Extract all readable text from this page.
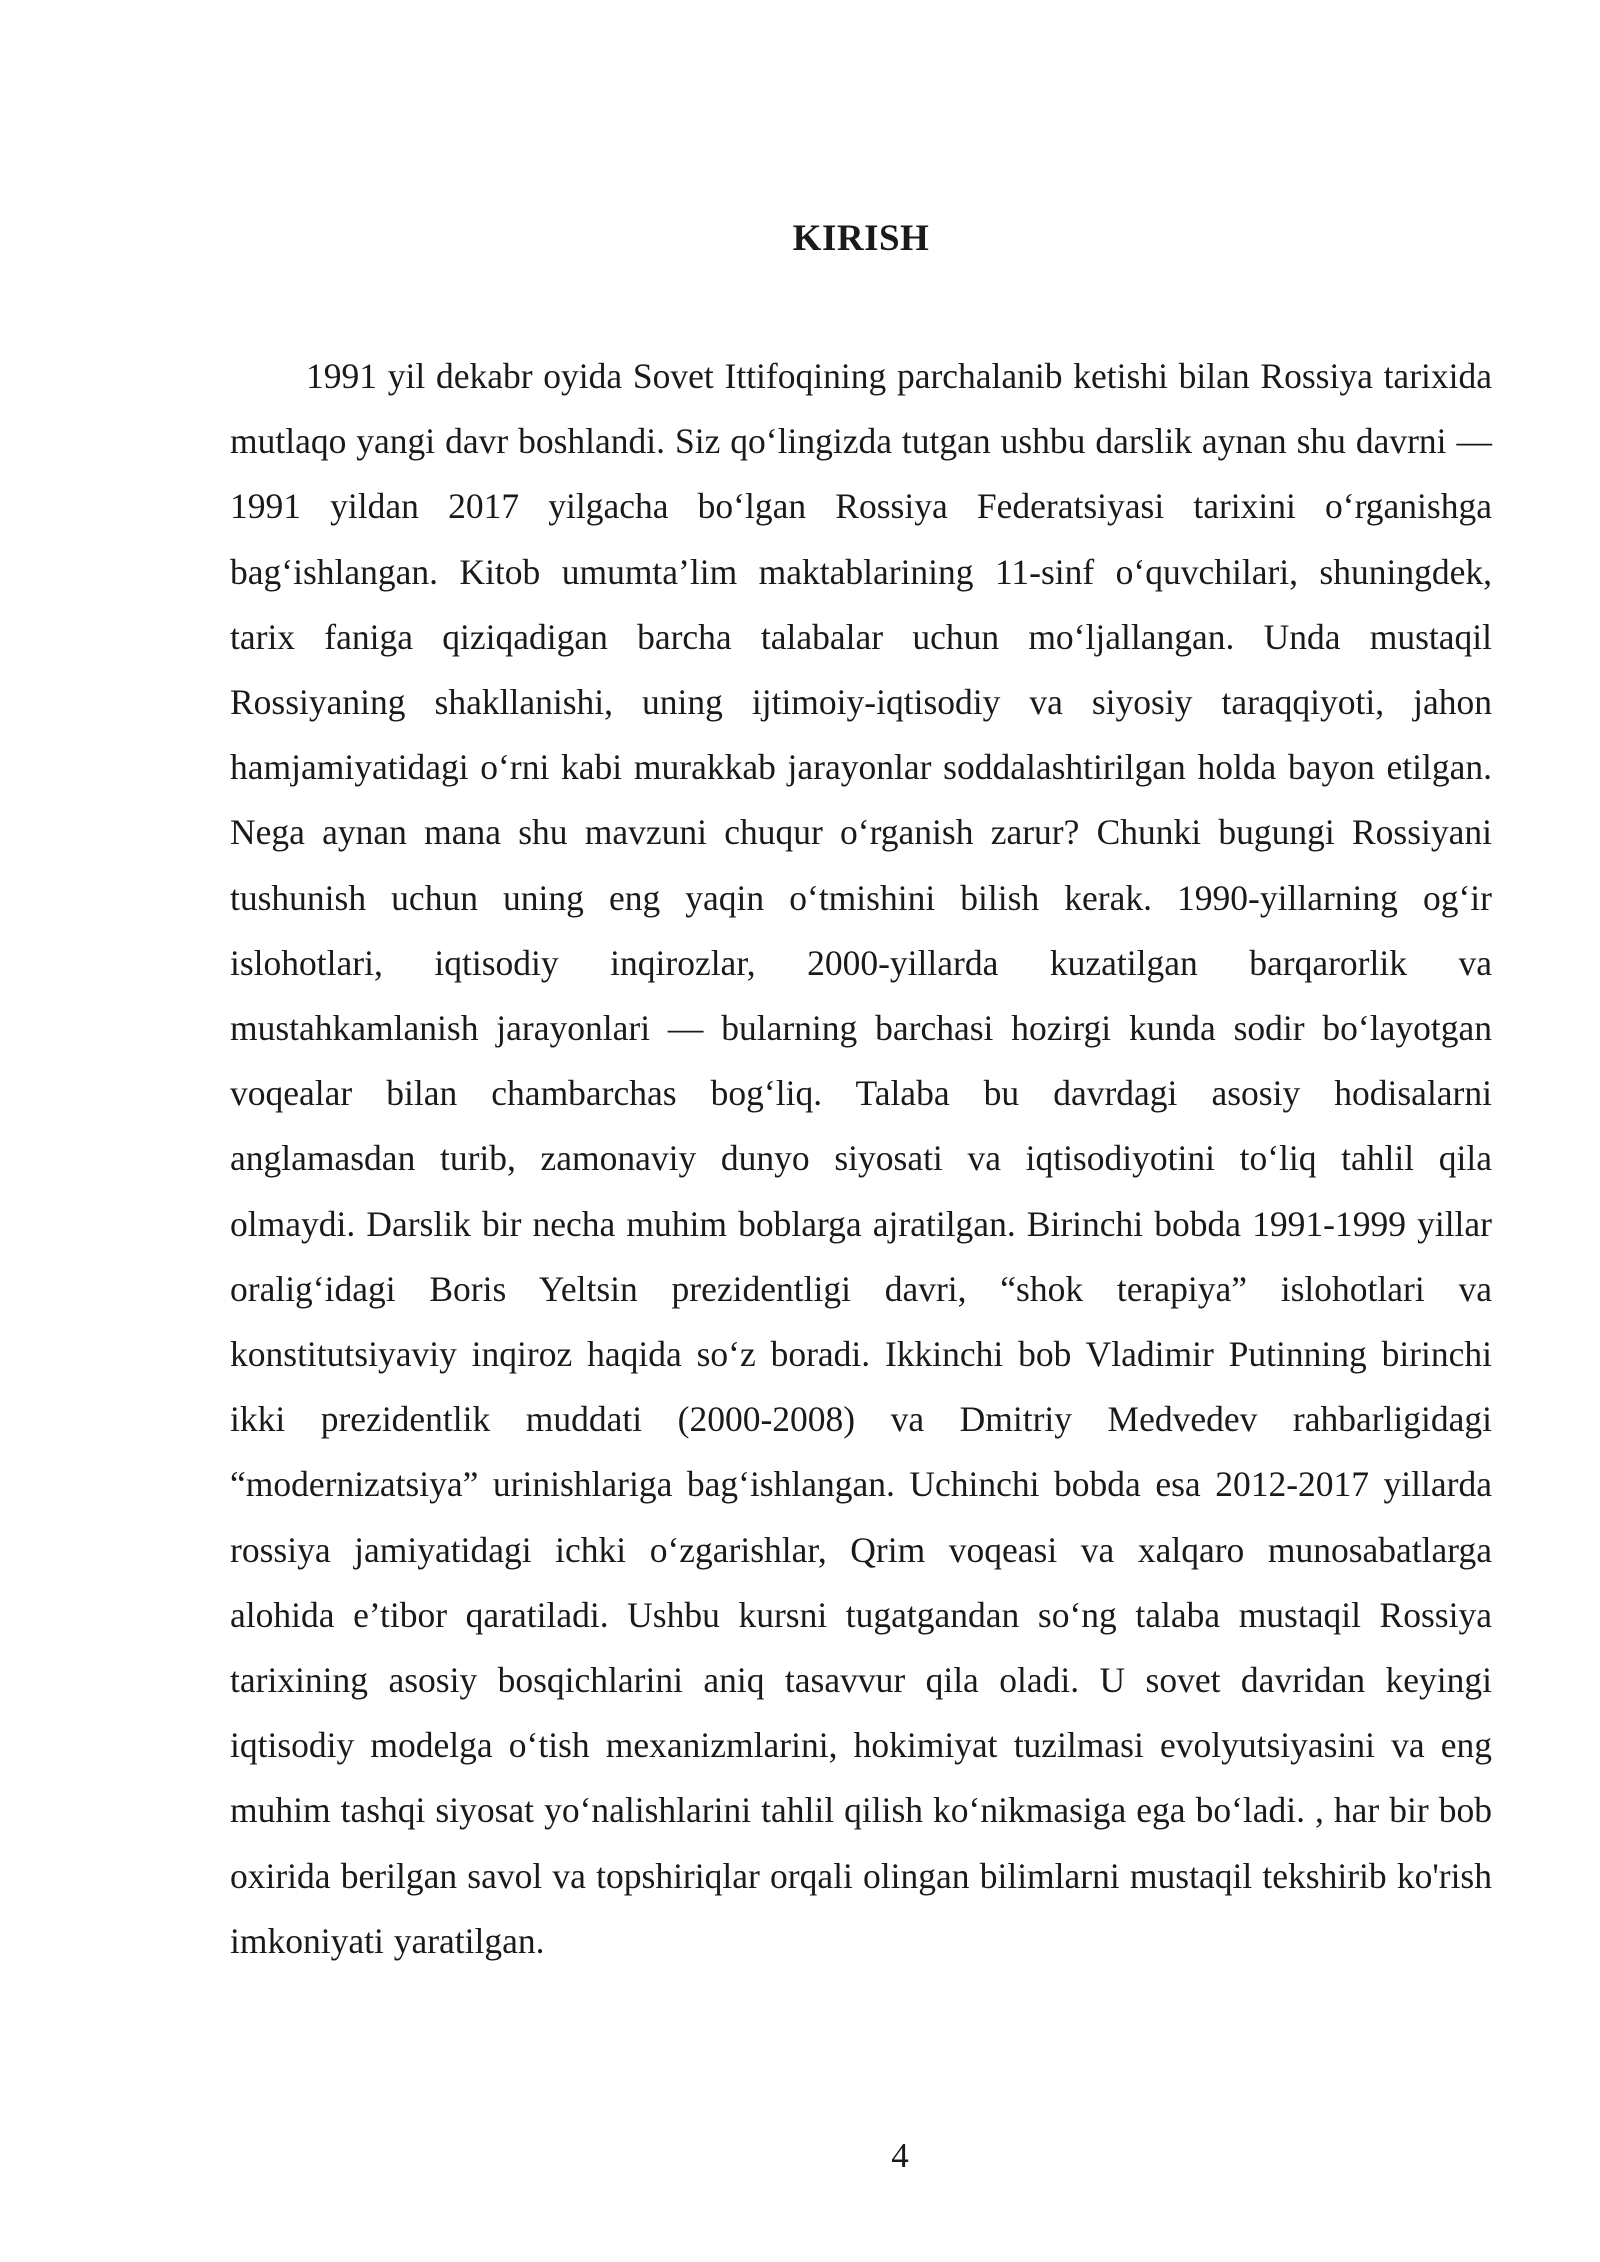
KIRISH

1991 yil dekabr oyida Sovet Ittifoqining parchalanib ketishi bilan Rossiya tarixida mutlaqo yangi davr boshlandi. Siz qo‘lingizda tutgan ushbu darslik aynan shu davrni — 1991 yildan 2017 yilgacha bo‘lgan Rossiya Federatsiyasi tarixini o‘rganishga bag‘ishlangan. Kitob umumta’lim maktablarining 11-sinf o‘quvchilari, shuningdek, tarix faniga qiziqadigan barcha talabalar uchun mo‘ljallangan. Unda mustaqil Rossiyaning shakllanishi, uning ijtimoiy-iqtisodiy va siyosiy taraqqiyoti, jahon hamjamiyatidagi o‘rni kabi murakkab jarayonlar soddalashtirilgan holda bayon etilgan. Nega aynan mana shu mavzuni chuqur o‘rganish zarur? Chunki bugungi Rossiyani tushunish uchun uning eng yaqin o‘tmishini bilish kerak. 1990-yillarning og‘ir islohotlari, iqtisodiy inqirozlar, 2000-yillarda kuzatilgan barqarorlik va mustahkamlanish jarayonlari — bularning barchasi hozirgi kunda sodir bo‘layotgan voqealar bilan chambarchas bog‘liq. Talaba bu davrdagi asosiy hodisalarni anglamasdan turib, zamonaviy dunyo siyosati va iqtisodiyotini to‘liq tahlil qila olmaydi. Darslik bir necha muhim boblarga ajratilgan. Birinchi bobda 1991-1999 yillar oralig‘idagi Boris Yeltsin prezidentligi davri, “shok terapiya” islohotlari va konstitutsiyaviy inqiroz haqida so‘z boradi. Ikkinchi bob Vladimir Putinning birinchi ikki prezidentlik muddati (2000-2008) va Dmitriy Medvedev rahbarligidagi “modernizatsiya” urinishlariga bag‘ishlangan. Uchinchi bobda esa 2012-2017 yillarda rossiya jamiyatidagi ichki o‘zgarishlar, Qrim voqeasi va xalqaro munosabatlarga alohida e’tibor qaratiladi. Ushbu kursni tugatgandan so‘ng talaba mustaqil Rossiya tarixining asosiy bosqichlarini aniq tasavvur qila oladi. U sovet davridan keyingi iqtisodiy modelga o‘tish mexanizmlarini, hokimiyat tuzilmasi evolyutsiyasini va eng muhim tashqi siyosat yo‘nalishlarini tahlil qilish ko‘nikmasiga ega bo‘ladi. , har bir bob oxirida berilgan savol va topshiriqlar orqali olingan bilimlarni mustaqil tekshirib ko'rish imkoniyati yaratilgan.

4
